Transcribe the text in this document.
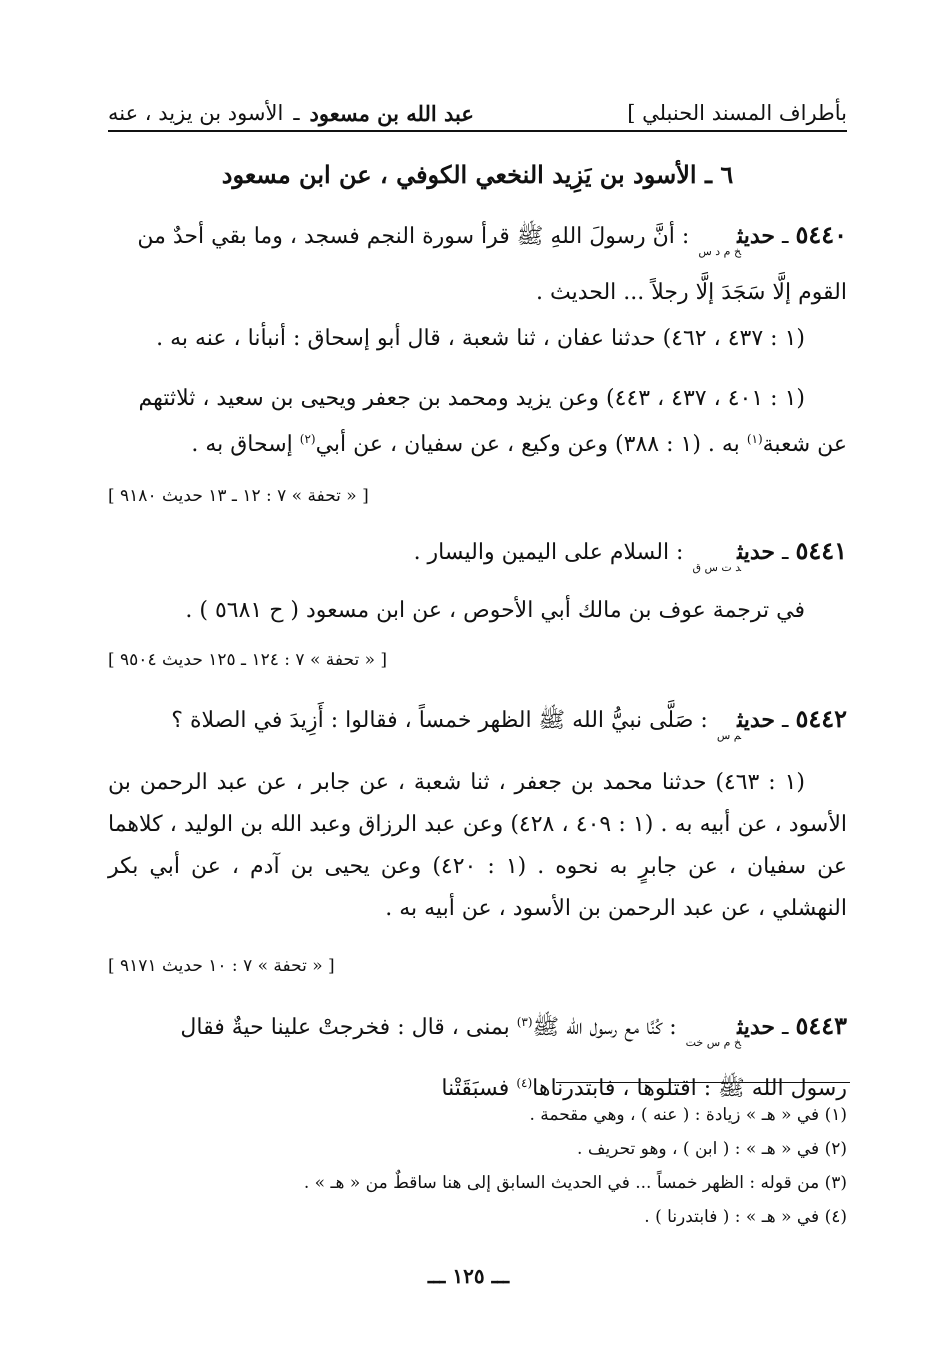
بأطراف المسند الحنبلي ]
عبد الله بن مسعود
ـ
الأسود بن يزيد ، عنه
٦ ـ الأسود بن يَزِيد النخعي الكوفي ، عن ابن مسعود
٥٤٤٠ ـ حديث$_{خ م د س}$ : أنَّ رسولَ اللهِ ﷺ قرأ سورة النجم فسجد ، وما بقي أحدٌ من
القوم إلَّا سَجَدَ إلَّا رجلاً ... الحديث .
(١ : ٤٣٧ ، ٤٦٢) حدثنا عفان ، ثنا شعبة ، قال أبو إسحاق : أنبأنا ، عنه به .
(١ : ٤٠١ ، ٤٣٧ ، ٤٤٣) وعن يزيد ومحمد بن جعفر ويحيى بن سعيد ، ثلاثتهم
عن شعبة$^{(١)}$ به . (١ : ٣٨٨) وعن وكيع ، عن سفيان ، عن أبي$^{(٢)}$ إسحاق به .
[ « تحفة » ٧ : ١٢ ـ ١٣ حديث ٩١٨٠ ]
٥٤٤١ ـ حديث$_{د ت س ق}$ : السلام على اليمين واليسار .
في ترجمة عوف بن مالك أبي الأحوص ، عن ابن مسعود ( ح ٥٦٨١ ) .
[ « تحفة » ٧ : ١٢٤ ـ ١٢٥ حديث ٩٥٠٤ ]
٥٤٤٢ ـ حديث$_{م س}$ : صَلَّى نبيُّ الله ﷺ الظهر خمساً ، فقالوا : أَزِيدَ في الصلاة ؟
(١ : ٤٦٣) حدثنا محمد بن جعفر ، ثنا شعبة ، عن جابر ، عن عبد الرحمن بن الأسود ، عن أبيه به . (١ : ٤٠٩ ، ٤٢٨) وعن عبد الرزاق وعبد الله بن الوليد ، كلاهما عن سفيان ، عن جابرٍ به نحوه . (١ : ٤٢٠) وعن يحيى بن آدم ، عن أبي بكر النهشلي ، عن عبد الرحمن بن الأسود ، عن أبيه به .
[ « تحفة » ٧ : ١٠ حديث ٩١٧١ ]
٥٤٤٣ ـ حديث$_{خ م س خت}$ : كُنَّا مع رسول الله ﷺ$^{(٣)}$ بمنى ، قال : فخرجتْ علينا حيةٌ فقال
رسول الله ﷺ : اقتلوها ، فابتدرناها$^{(٤)}$ فسبَقَتْنا
(١) في « هـ » زيادة : ( عنه ) ، وهي مقحمة .
(٢) في « هـ » : ( ابن ) ، وهو تحريف .
(٣) من قوله : الظهر خمساً ... في الحديث السابق إلى هنا ساقطٌ من « هـ » .
(٤) في « هـ » : ( فابتدرنا ) .
ـــ ١٢٥ ـــ
